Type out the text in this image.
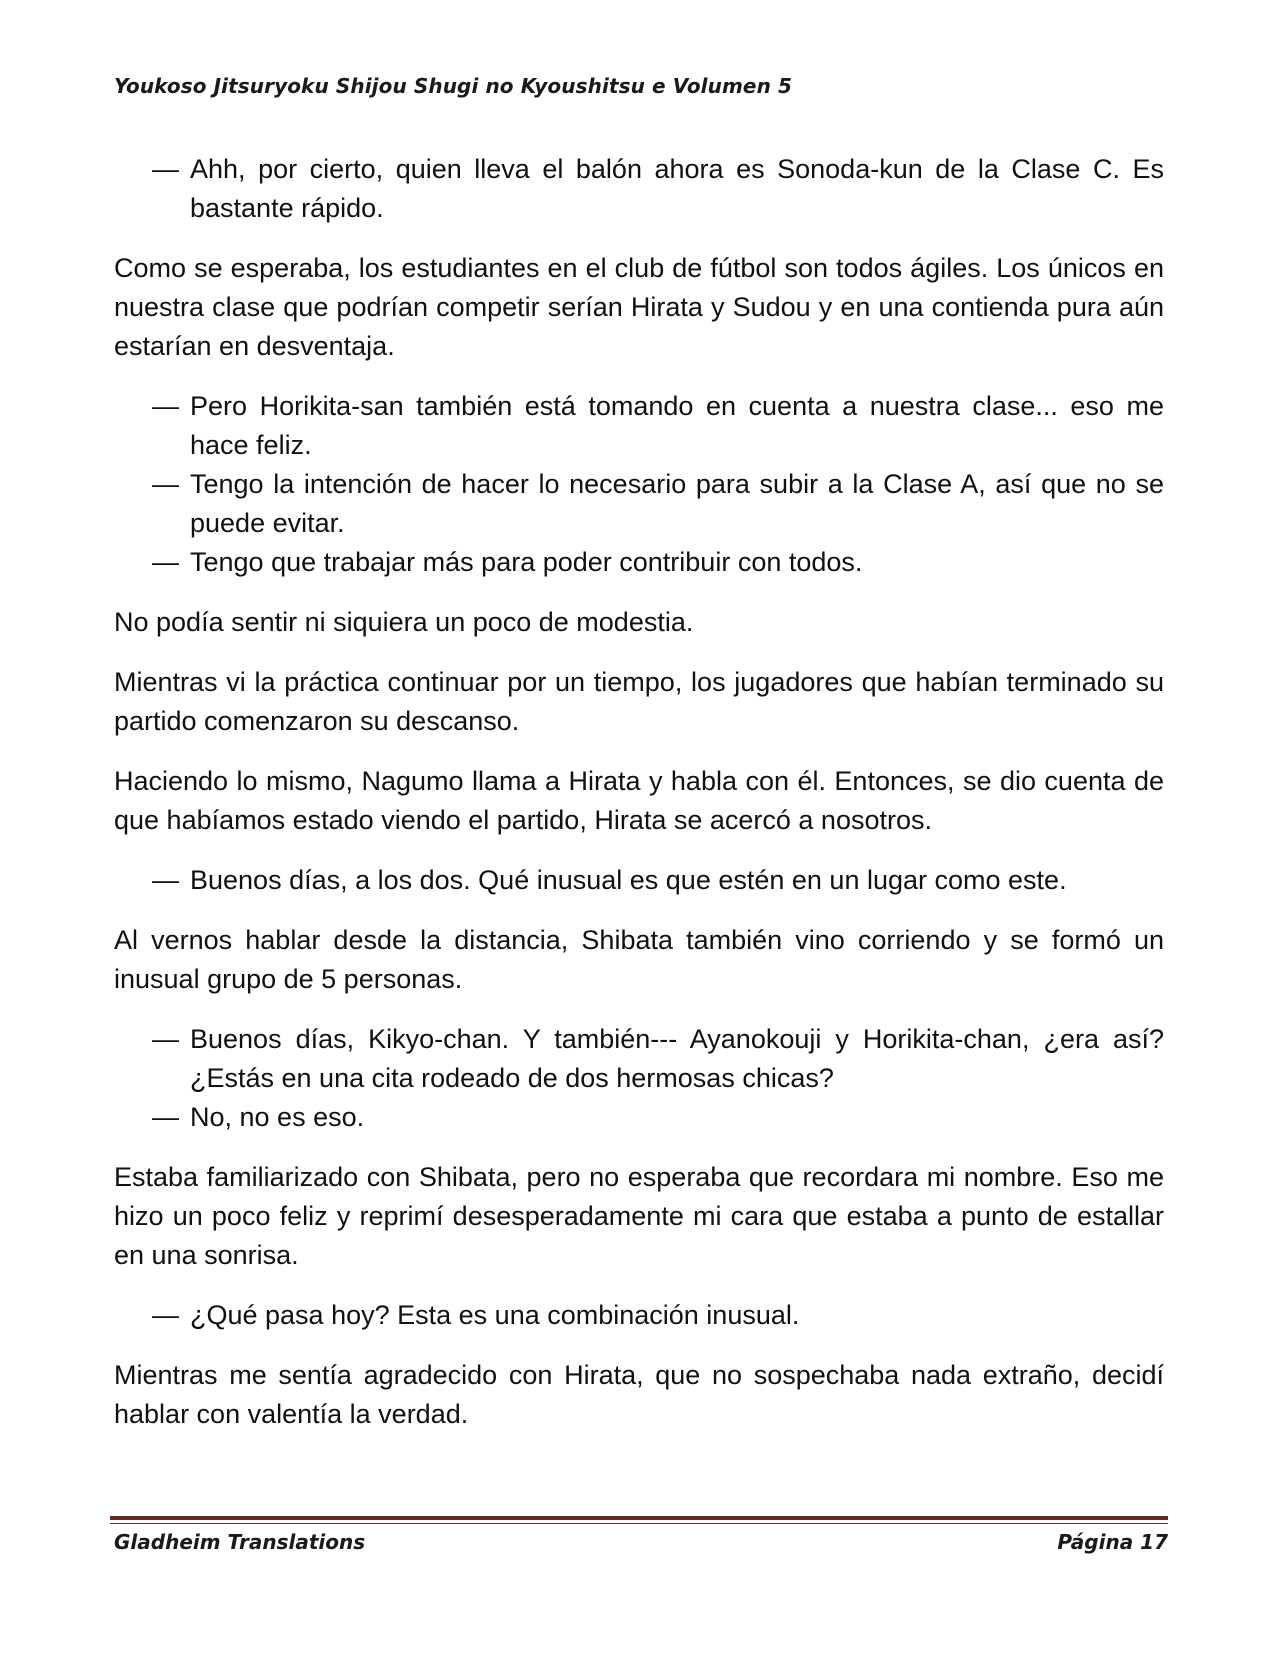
Youkoso Jitsuryoku Shijou Shugi no Kyoushitsu e Volumen 5
— Ahh, por cierto, quien lleva el balón ahora es Sonoda-kun de la Clase C. Es bastante rápido.

Como se esperaba, los estudiantes en el club de fútbol son todos ágiles. Los únicos en nuestra clase que podrían competir serían Hirata y Sudou y en una contienda pura aún estarían en desventaja.

— Pero Horikita-san también está tomando en cuenta a nuestra clase... eso me hace feliz.
— Tengo la intención de hacer lo necesario para subir a la Clase A, así que no se puede evitar.
— Tengo que trabajar más para poder contribuir con todos.

No podía sentir ni siquiera un poco de modestia.

Mientras vi la práctica continuar por un tiempo, los jugadores que habían terminado su partido comenzaron su descanso.

Haciendo lo mismo, Nagumo llama a Hirata y habla con él. Entonces, se dio cuenta de que habíamos estado viendo el partido, Hirata se acercó a nosotros.

— Buenos días, a los dos. Qué inusual es que estén en un lugar como este.

Al vernos hablar desde la distancia, Shibata también vino corriendo y se formó un inusual grupo de 5 personas.

— Buenos días, Kikyo-chan. Y también--- Ayanokouji y Horikita-chan, ¿era así? ¿Estás en una cita rodeado de dos hermosas chicas?
— No, no es eso.

Estaba familiarizado con Shibata, pero no esperaba que recordara mi nombre. Eso me hizo un poco feliz y reprimí desesperadamente mi cara que estaba a punto de estallar en una sonrisa.

— ¿Qué pasa hoy? Esta es una combinación inusual.

Mientras me sentía agradecido con Hirata, que no sospechaba nada extraño, decidí hablar con valentía la verdad.

Gladheim Translations	Página 17
